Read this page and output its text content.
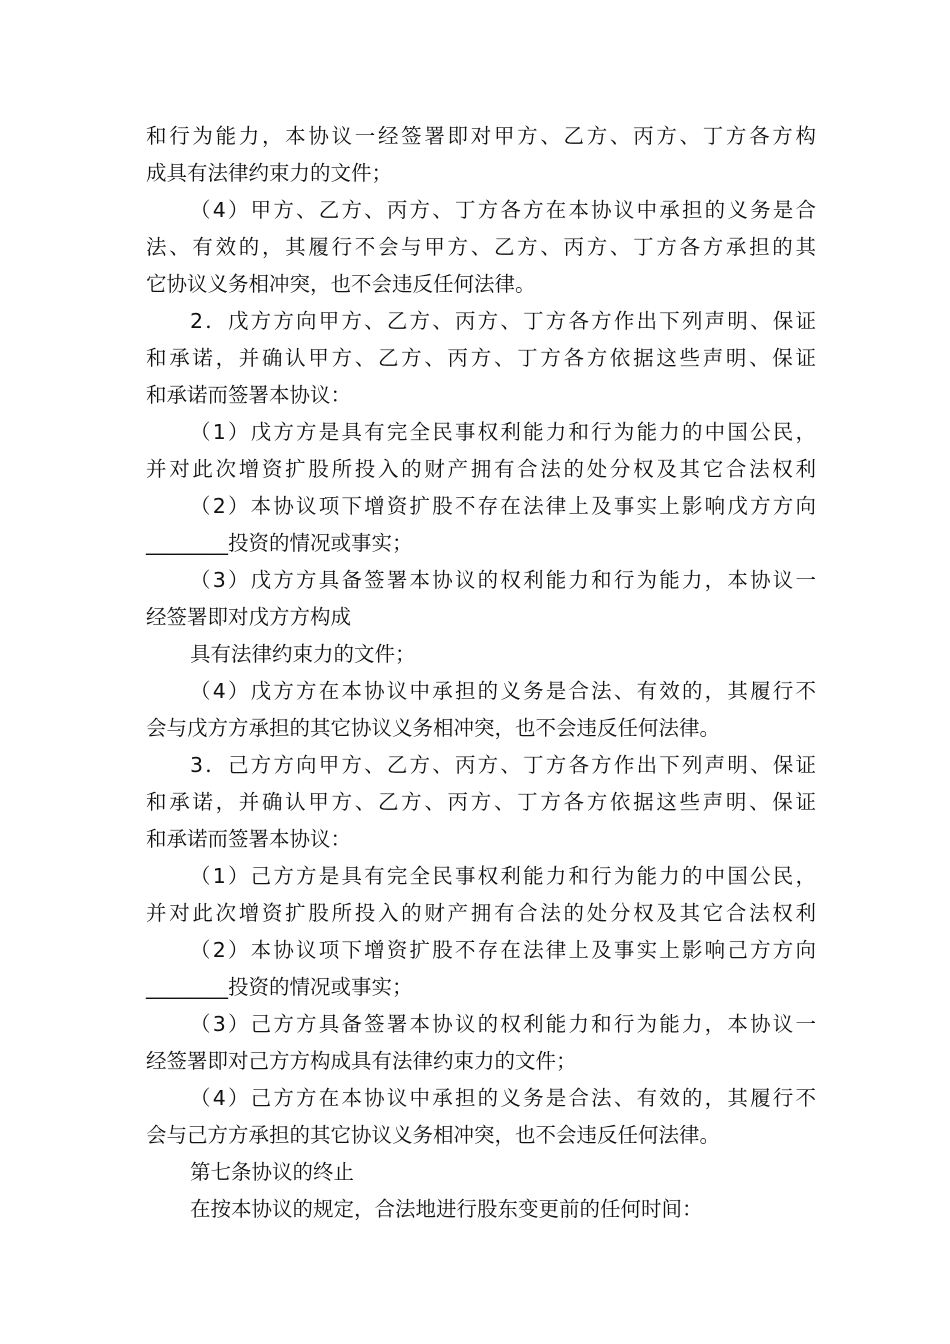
和行为能力，本协议一经签署即对甲方、乙方、丙方、丁方各方构
成具有法律约束力的文件；
（4）甲方、乙方、丙方、丁方各方在本协议中承担的义务是合
法、有效的，其履行不会与甲方、乙方、丙方、丁方各方承担的其
它协议义务相冲突，也不会违反任何法律。
2．戊方方向甲方、乙方、丙方、丁方各方作出下列声明、保证
和承诺，并确认甲方、乙方、丙方、丁方各方依据这些声明、保证
和承诺而签署本协议：
（1）戊方方是具有完全民事权利能力和行为能力的中国公民，
并对此次增资扩股所投入的财产拥有合法的处分权及其它合法权利
（2）本协议项下增资扩股不存在法律上及事实上影响戊方方向
________投资的情况或事实；
（3）戊方方具备签署本协议的权利能力和行为能力，本协议一
经签署即对戊方方构成
具有法律约束力的文件；
（4）戊方方在本协议中承担的义务是合法、有效的，其履行不
会与戊方方承担的其它协议义务相冲突，也不会违反任何法律。
3．己方方向甲方、乙方、丙方、丁方各方作出下列声明、保证
和承诺，并确认甲方、乙方、丙方、丁方各方依据这些声明、保证
和承诺而签署本协议：
（1）己方方是具有完全民事权利能力和行为能力的中国公民，
并对此次增资扩股所投入的财产拥有合法的处分权及其它合法权利
（2）本协议项下增资扩股不存在法律上及事实上影响己方方向
________投资的情况或事实；
（3）己方方具备签署本协议的权利能力和行为能力，本协议一
经签署即对己方方构成具有法律约束力的文件；
（4）己方方在本协议中承担的义务是合法、有效的，其履行不
会与己方方承担的其它协议义务相冲突，也不会违反任何法律。
第七条协议的终止
在按本协议的规定，合法地进行股东变更前的任何时间：
